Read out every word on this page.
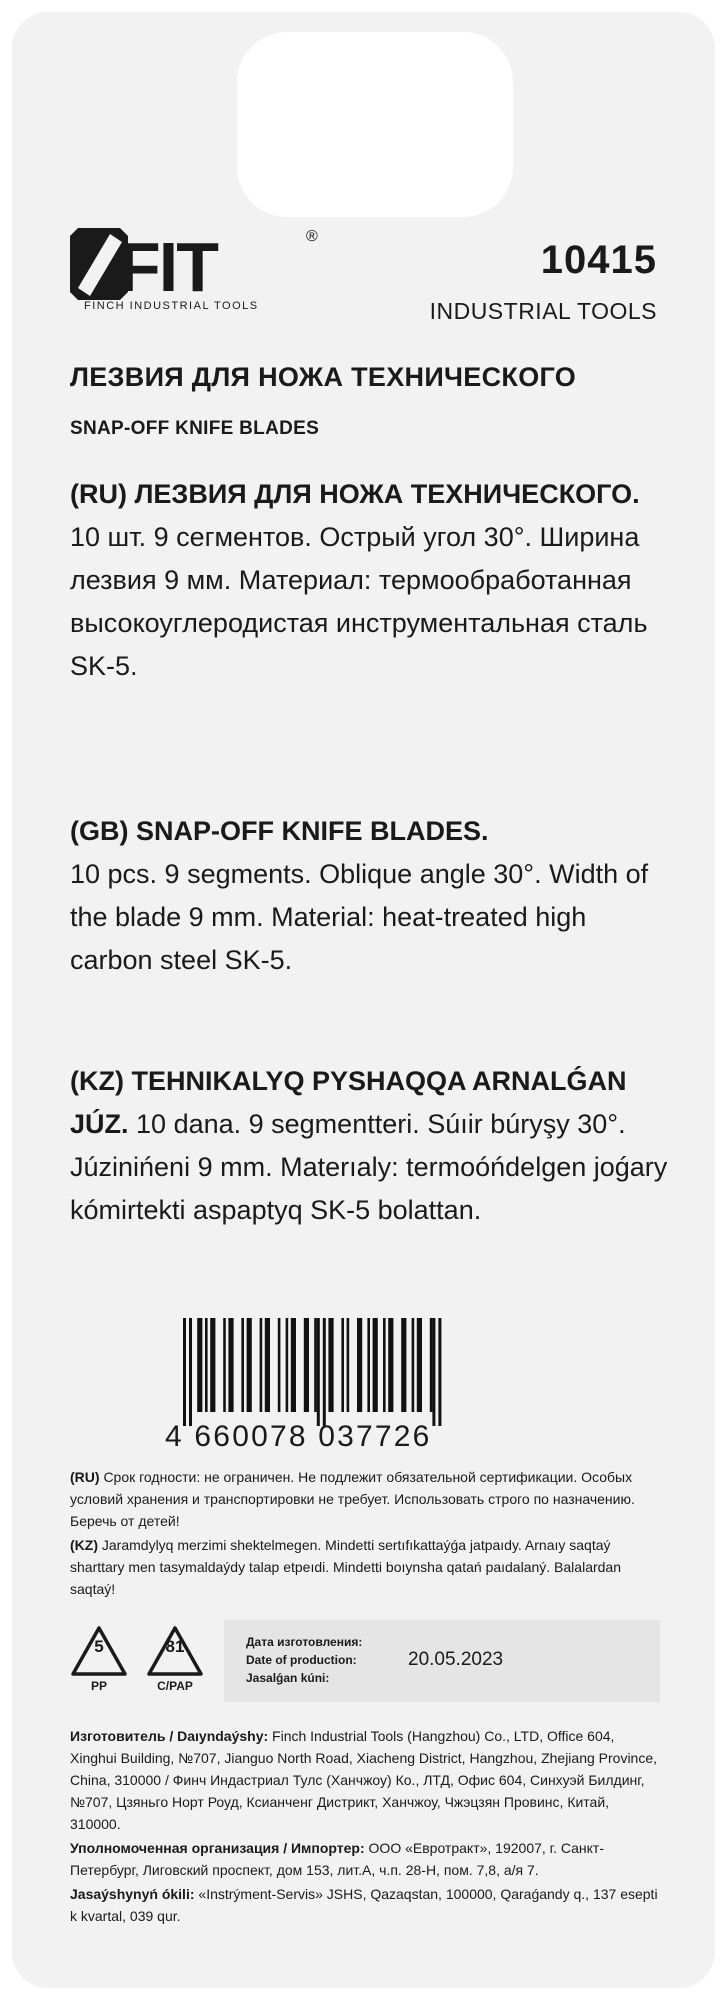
FIT	®
FINCH INDUSTRIAL TOOLS
10415
INDUSTRIAL TOOLS
ЛЕЗВИЯ ДЛЯ НОЖА ТЕХНИЧЕСКОГО
SNAP-OFF KNIFE BLADES
(RU) ЛЕЗВИЯ ДЛЯ НОЖА ТЕХНИЧЕСКОГО. 10 шт. 9 сегментов. Острый угол 30°. Ширина лезвия 9 мм. Материал: термообработанная высокоуглеродистая инструментальная сталь SK-5.
(GB) SNAP-OFF KNIFE BLADES.
10 pcs. 9 segments. Oblique angle 30°. Width of the blade 9 mm. Material: heat-treated high carbon steel SK-5.
(KZ) TEHNIKALYQ PYSHAQQA ARNALǴAN JÚZ. 10 dana. 9 segmentteri. Súıir búryşy 30°. Júzinińeni 9 mm. Materıaly: termoóńdelgen joǵary kómirtekti aspaptyq SK-5 bolattan.
4 660078 037726
(RU) Срок годности: не ограничен. Не подлежит обязательной сертификации. Особых условий хранения и транспортировки не требует. Использовать строго по назначению. Беречь от детей!
(KZ) Jaramdylyq merzimi shektelmegen. Mindetti sertıfıkattaýǵa jatpaıdy. Arnaıy saqtaý sharttary men tasymaldaýdy talap etpeıdi. Mindetti boıynsha qatań paıdalaný. Balalardan saqtaý!
5
PP
81
C/PAP
Дата изготовления:
Date of production:
Jasalǵan kúni:
20.05.2023
Изготовитель / Daıyndaýshy: Finch Industrial Tools (Hangzhou) Co., LTD, Office 604, Xinghui Building, №707, Jianguo North Road, Xiacheng District, Hangzhou, Zhejiang Province, China, 310000 / Финч Индастриал Тулс (Ханчжоу) Ко., ЛТД, Офис 604, Синхуэй Билдинг, №707, Цзяньго Норт Роуд, Ксианченг Дистрикт, Ханчжоу, Чжэцзян Провинс, Китай, 310000.
Уполномоченная организация / Импортер: ООО «Евротракт», 192007, г. Санкт-Петербург, Лиговский проспект, дом 153, лит.А, ч.п. 28-Н, пом. 7,8, а/я 7.
Jasaýshynyń ókili: «Instrýment-Servis» JSHS, Qazaqstan, 100000, Qaraǵandy q., 137 esepti k kvartal, 039 qur.
